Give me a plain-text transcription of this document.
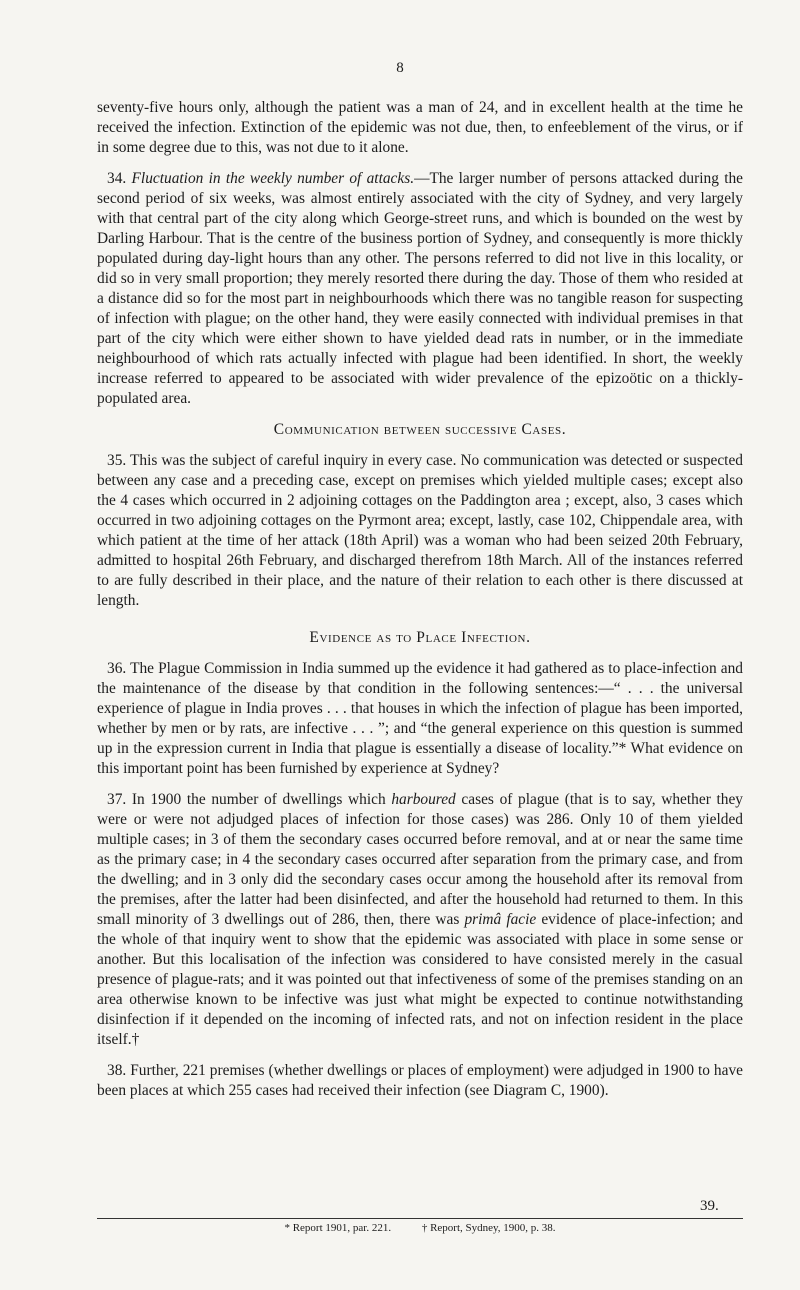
8

seventy-five hours only, although the patient was a man of 24, and in excellent health at the time he received the infection. Extinction of the epidemic was not due, then, to enfeeblement of the virus, or if in some degree due to this, was not due to it alone.

34. Fluctuation in the weekly number of attacks.—The larger number of persons attacked during the second period of six weeks, was almost entirely associated with the city of Sydney, and very largely with that central part of the city along which George-street runs, and which is bounded on the west by Darling Harbour. That is the centre of the business portion of Sydney, and consequently is more thickly populated during day-light hours than any other. The persons referred to did not live in this locality, or did so in very small proportion; they merely resorted there during the day. Those of them who resided at a distance did so for the most part in neighbourhoods which there was no tangible reason for suspecting of infection with plague; on the other hand, they were easily connected with individual premises in that part of the city which were either shown to have yielded dead rats in number, or in the immediate neighbourhood of which rats actually infected with plague had been identified. In short, the weekly increase referred to appeared to be associated with wider prevalence of the epizoötic on a thickly-populated area.

Communication between successive Cases.

35. This was the subject of careful inquiry in every case. No communication was detected or suspected between any case and a preceding case, except on premises which yielded multiple cases; except also the 4 cases which occurred in 2 adjoining cottages on the Paddington area ; except, also, 3 cases which occurred in two adjoining cottages on the Pyrmont area; except, lastly, case 102, Chippendale area, with which patient at the time of her attack (18th April) was a woman who had been seized 20th February, admitted to hospital 26th February, and discharged therefrom 18th March. All of the instances referred to are fully described in their place, and the nature of their relation to each other is there discussed at length.

Evidence as to Place Infection.

36. The Plague Commission in India summed up the evidence it had gathered as to place-infection and the maintenance of the disease by that condition in the following sentences:—“ . . . the universal experience of plague in India proves . . . that houses in which the infection of plague has been imported, whether by men or by rats, are infective . . . ”; and “the general experience on this question is summed up in the expression current in India that plague is essentially a disease of locality.”* What evidence on this important point has been furnished by experience at Sydney?

37. In 1900 the number of dwellings which harboured cases of plague (that is to say, whether they were or were not adjudged places of infection for those cases) was 286. Only 10 of them yielded multiple cases; in 3 of them the secondary cases occurred before removal, and at or near the same time as the primary case; in 4 the secondary cases occurred after separation from the primary case, and from the dwelling; and in 3 only did the secondary cases occur among the household after its removal from the premises, after the latter had been disinfected, and after the household had returned to them. In this small minority of 3 dwellings out of 286, then, there was primâ facie evidence of place-infection; and the whole of that inquiry went to show that the epidemic was associated with place in some sense or another. But this localisation of the infection was considered to have consisted merely in the casual presence of plague-rats; and it was pointed out that infectiveness of some of the premises standing on an area otherwise known to be infective was just what might be expected to continue notwithstanding disinfection if it depended on the incoming of infected rats, and not on infection resident in the place itself.†

38. Further, 221 premises (whether dwellings or places of employment) were adjudged in 1900 to have been places at which 255 cases had received their infection (see Diagram C, 1900).

39.
* Report 1901, par. 221.	† Report, Sydney, 1900, p. 38.
